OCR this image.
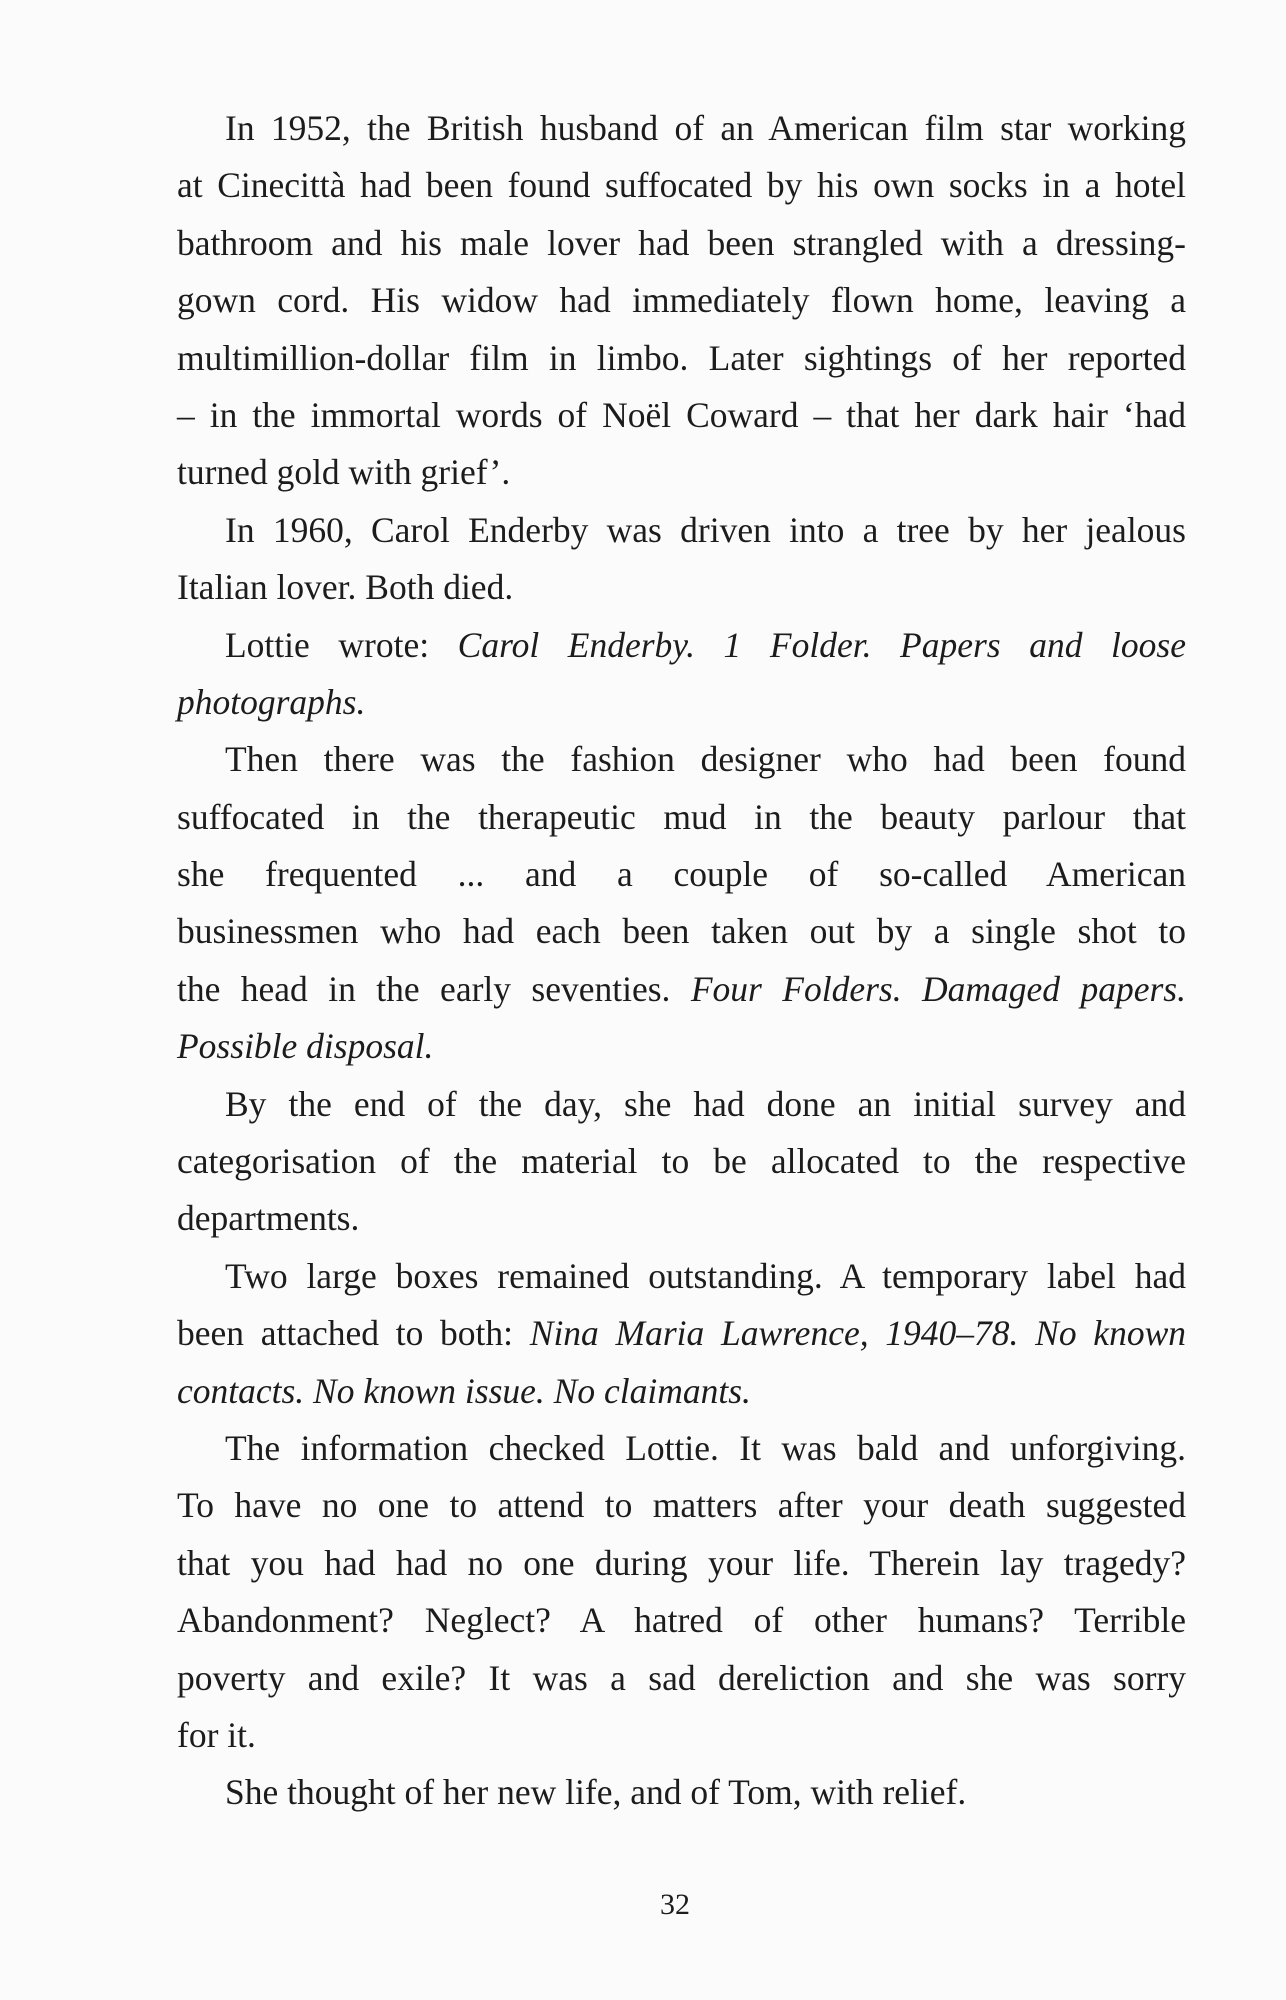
In 1952, the British husband of an American film star working
at Cinecittà had been found suffocated by his own socks in a hotel
bathroom and his male lover had been strangled with a dressing-
gown cord. His widow had immediately flown home, leaving a
multimillion-dollar film in limbo. Later sightings of her reported
– in the immortal words of Noël Coward – that her dark hair ‘had
turned gold with grief’.
In 1960, Carol Enderby was driven into a tree by her jealous
Italian lover. Both died.
Lottie wrote: Carol Enderby. 1 Folder. Papers and loose
photographs.
Then there was the fashion designer who had been found
suffocated in the therapeutic mud in the beauty parlour that
she frequented ... and a couple of so-called American
businessmen who had each been taken out by a single shot to
the head in the early seventies. Four Folders. Damaged papers.
Possible disposal.
By the end of the day, she had done an initial survey and
categorisation of the material to be allocated to the respective
departments.
Two large boxes remained outstanding. A temporary label had
been attached to both: Nina Maria Lawrence, 1940–78. No known
contacts. No known issue. No claimants.
The information checked Lottie. It was bald and unforgiving.
To have no one to attend to matters after your death suggested
that you had had no one during your life. Therein lay tragedy?
Abandonment? Neglect? A hatred of other humans? Terrible
poverty and exile? It was a sad dereliction and she was sorry
for it.
She thought of her new life, and of Tom, with relief.
32
